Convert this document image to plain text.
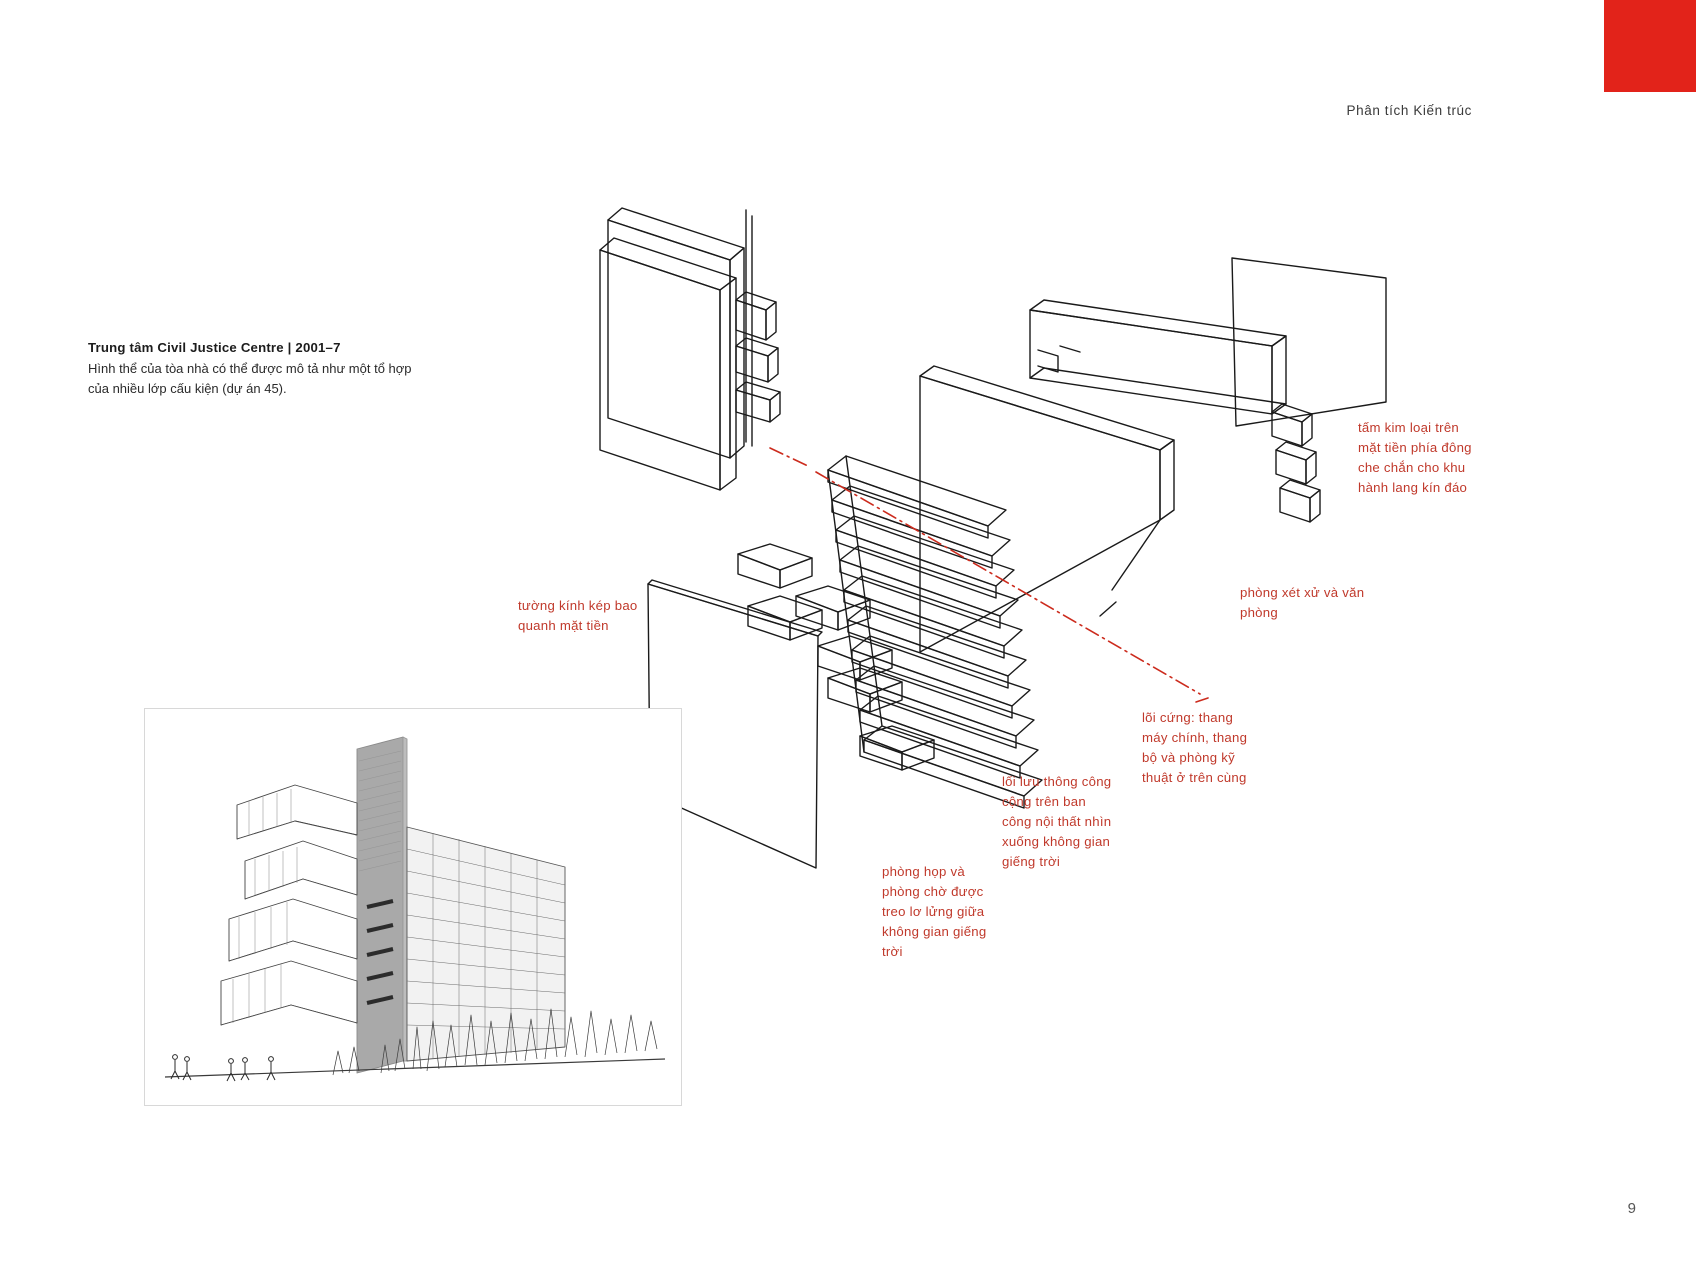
Phân tích Kiến trúc
Trung tâm Civil Justice Centre | 2001–7
Hình thể của tòa nhà có thể được mô tả như một tổ hợp của nhiều lớp cấu kiện (dự án 45).
tường kính kép bao quanh mặt tiền
tấm kim loại trên mặt tiền phía đông che chắn cho khu hành lang kín đáo
phòng xét xử và văn phòng
lõi cứng: thang máy chính, thang bộ và phòng kỹ thuật ở trên cùng
lối lưu thông công cộng trên ban công nội thất nhìn xuống không gian giếng trời
phòng họp và phòng chờ được treo lơ lửng giữa không gian giếng trời
9
